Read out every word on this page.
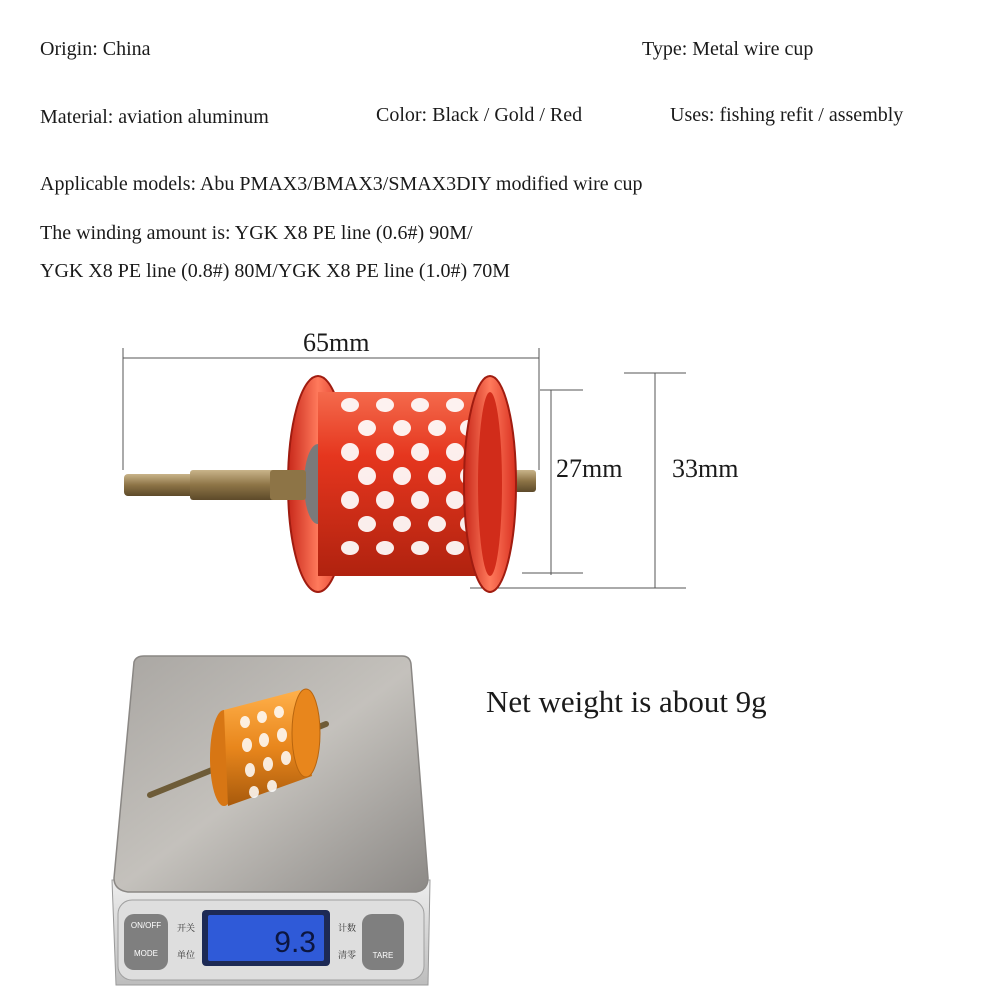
Origin: China	Type: Metal wire cup
Material: aviation aluminum	Color: Black / Gold / Red	Uses: fishing refit / assembly
Applicable models: Abu PMAX3/BMAX3/SMAX3DIY modified wire cup
The winding amount is: YGK X8 PE line (0.6#) 90M/
YGK X8 PE line (0.8#) 80M/YGK X8 PE line (1.0#) 70M
ON/OFF
MODE
开关
单位	9.3 计数
清零 TARE
65mm
27mm 33mm
Net weight is about 9g
